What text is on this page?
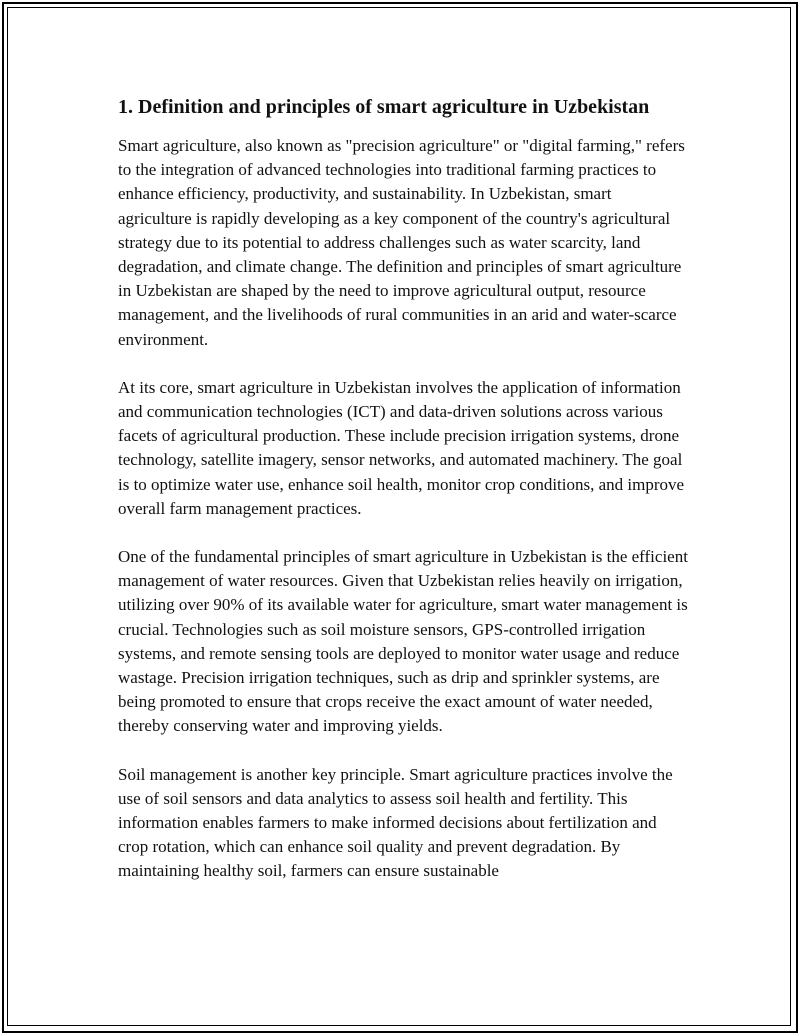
1. Definition and principles of smart agriculture in Uzbekistan

Smart agriculture, also known as "precision agriculture" or "digital farming," refers to the integration of advanced technologies into traditional farming practices to enhance efficiency, productivity, and sustainability. In Uzbekistan, smart agriculture is rapidly developing as a key component of the country's agricultural strategy due to its potential to address challenges such as water scarcity, land degradation, and climate change. The definition and principles of smart agriculture in Uzbekistan are shaped by the need to improve agricultural output, resource management, and the livelihoods of rural communities in an arid and water-scarce environment.

At its core, smart agriculture in Uzbekistan involves the application of information and communication technologies (ICT) and data-driven solutions across various facets of agricultural production. These include precision irrigation systems, drone technology, satellite imagery, sensor networks, and automated machinery. The goal is to optimize water use, enhance soil health, monitor crop conditions, and improve overall farm management practices.

One of the fundamental principles of smart agriculture in Uzbekistan is the efficient management of water resources. Given that Uzbekistan relies heavily on irrigation, utilizing over 90% of its available water for agriculture, smart water management is crucial. Technologies such as soil moisture sensors, GPS-controlled irrigation systems, and remote sensing tools are deployed to monitor water usage and reduce wastage. Precision irrigation techniques, such as drip and sprinkler systems, are being promoted to ensure that crops receive the exact amount of water needed, thereby conserving water and improving yields.

Soil management is another key principle. Smart agriculture practices involve the use of soil sensors and data analytics to assess soil health and fertility. This information enables farmers to make informed decisions about fertilization and crop rotation, which can enhance soil quality and prevent degradation. By maintaining healthy soil, farmers can ensure sustainable
